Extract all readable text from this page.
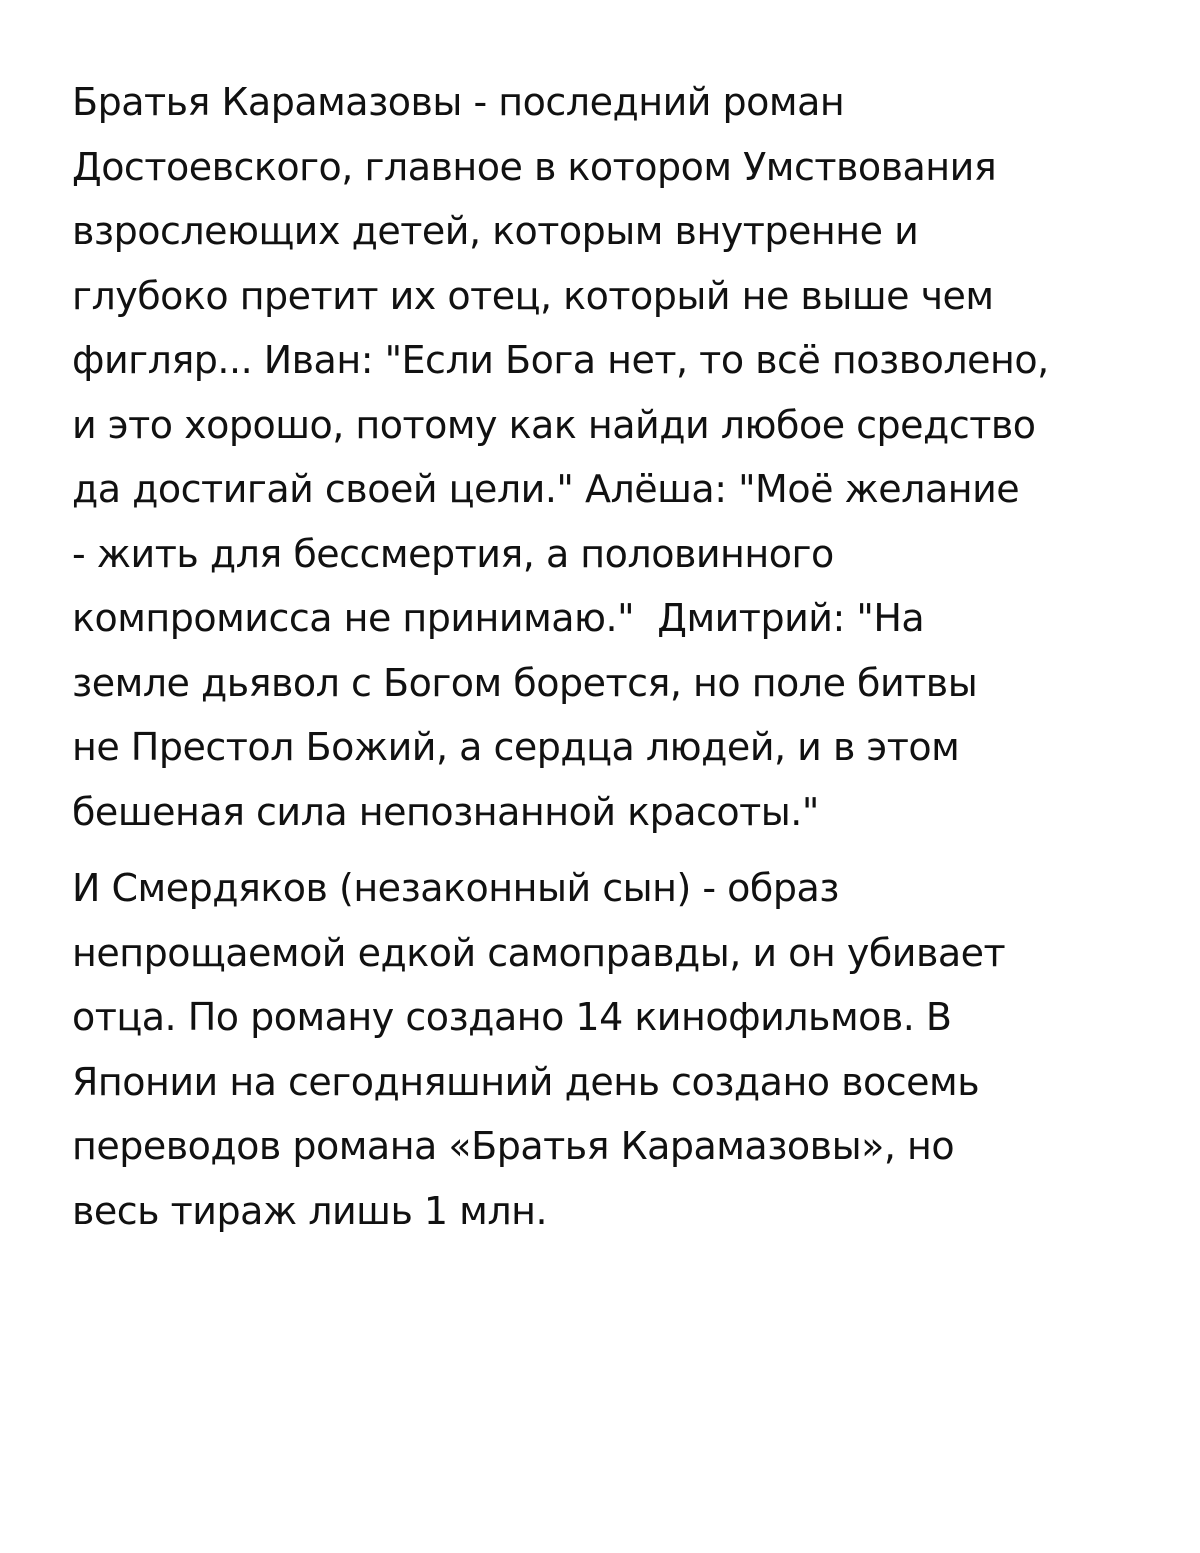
Братья Карамазовы - последний роман
Достоевского, главное в котором Умствования
взрослеющих детей, которым внутренне и
глубоко претит их отец, который не выше чем
фигляр... Иван: "Если Бога нет, то всё позволено,
и это хорошо, потому как найди любое средство
да достигай своей цели." Алёша: "Моё желание
- жить для бессмертия, а половинного
компромисса не принимаю."  Дмитрий: "На
земле дьявол с Богом борется, но поле битвы
не Престол Божий, а сердца людей, и в этом
бешеная сила непознанной красоты."
И Смердяков (незаконный сын) - образ
непрощаемой едкой самоправды, и он убивает
отца. По роману создано 14 кинофильмов. В
Японии на сегодняшний день создано восемь
переводов романа «Братья Карамазовы», но
весь тираж лишь 1 млн.
